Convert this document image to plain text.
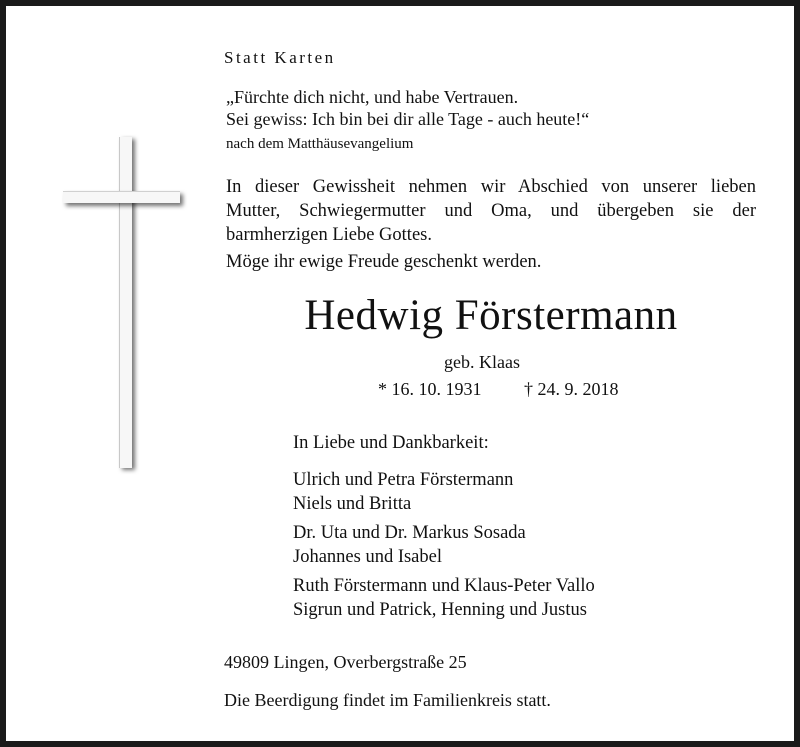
Statt Karten
„Fürchte dich nicht, und habe Vertrauen.
Sei gewiss: Ich bin bei dir alle Tage - auch heute!“
nach dem Matthäusevangelium
In dieser Gewissheit nehmen wir Abschied von unserer lieben
Mutter, Schwiegermutter und Oma, und übergeben sie der
barmherzigen Liebe Gottes.
Möge ihr ewige Freude geschenkt werden.
Hedwig Förstermann
geb. Klaas
* 16. 10. 1931 † 24. 9. 2018
In Liebe und Dankbarkeit:
Ulrich und Petra Förstermann
Niels und Britta
Dr. Uta und Dr. Markus Sosada
Johannes und Isabel
Ruth Förstermann und Klaus-Peter Vallo
Sigrun und Patrick, Henning und Justus
49809 Lingen, Overbergstraße 25
Die Beerdigung findet im Familienkreis statt.
